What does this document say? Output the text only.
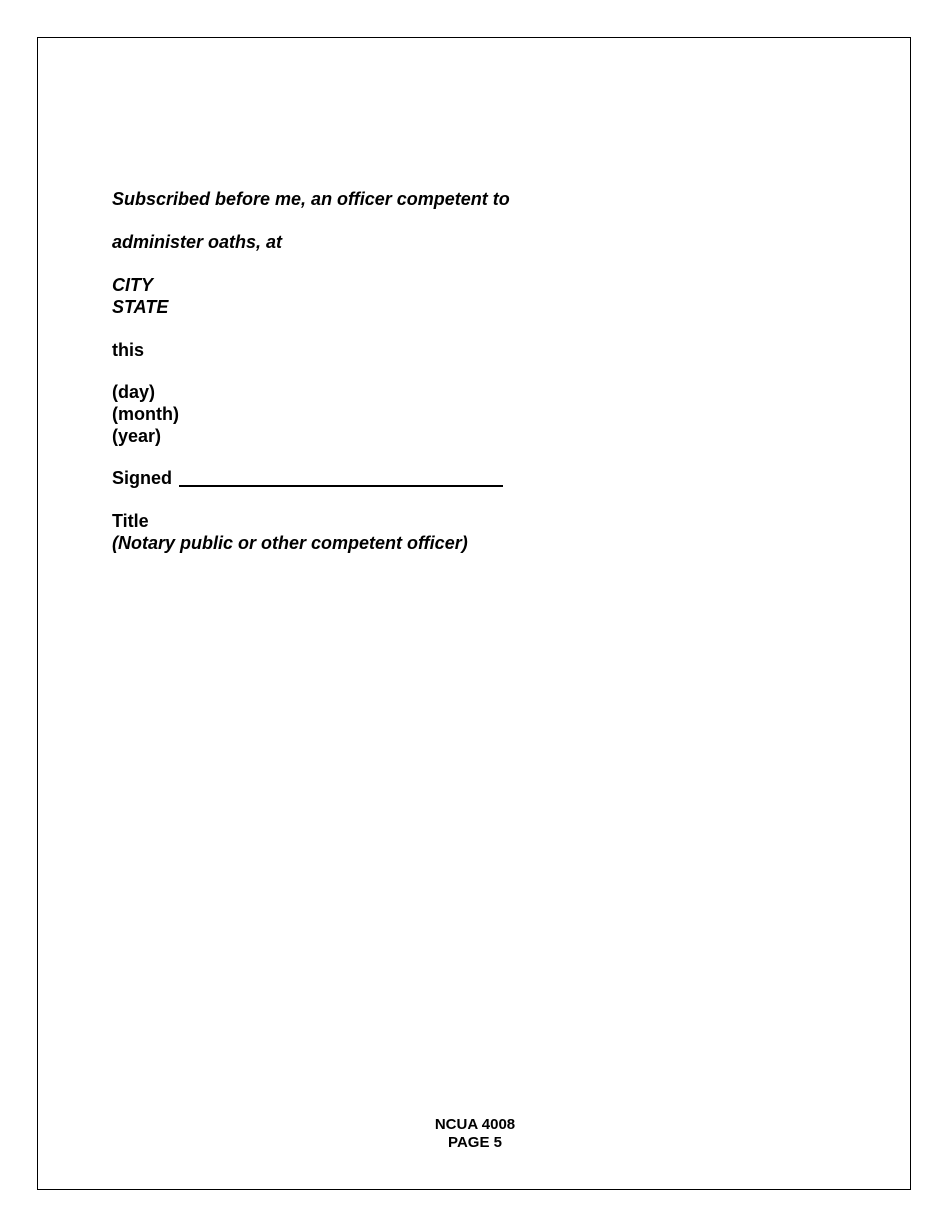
Subscribed before me, an officer competent to
administer oaths, at
CITY
STATE
this
(day)
(month)
(year)
Signed
Title
(Notary public or other competent officer)
NCUA 4008
PAGE 5
